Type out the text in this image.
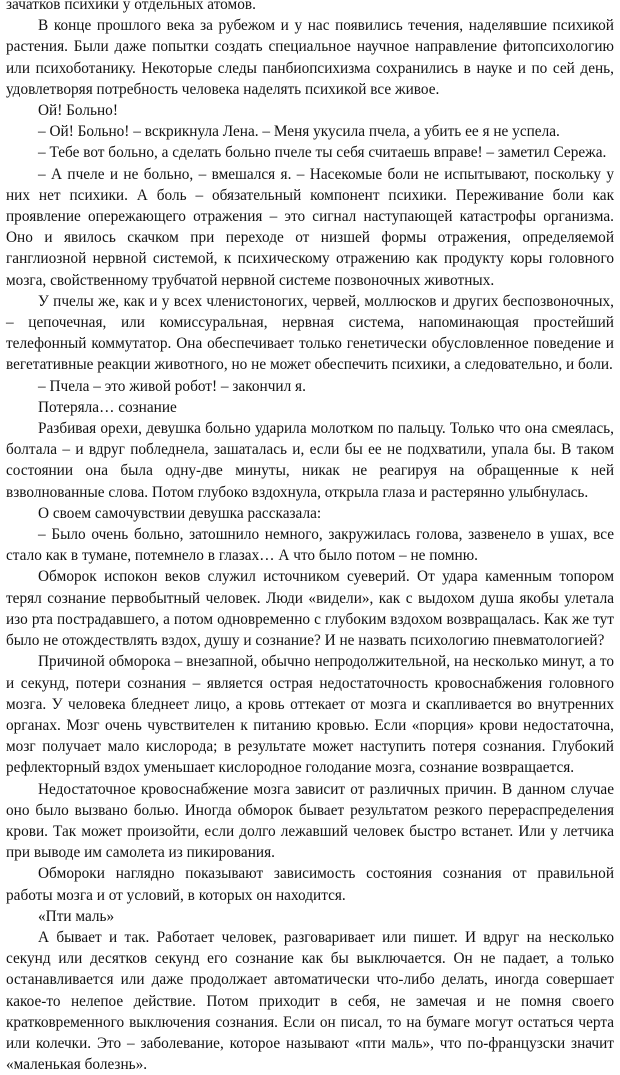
зачатков психики у отдельных атомов.

В конце прошлого века за рубежом и у нас появились течения, наделявшие психикой растения. Были даже попытки создать специальное научное направление фитопсихологию или психоботанику. Некоторые следы панбиопсихизма сохранились в науке и по сей день, удовлетворяя потребность человека наделять психикой все живое.

Ой! Больно!

– Ой! Больно! – вскрикнула Лена. – Меня укусила пчела, а убить ее я не успела.

– Тебе вот больно, а сделать больно пчеле ты себя считаешь вправе! – заметил Сережа.

– А пчеле и не больно, – вмешался я. – Насекомые боли не испытывают, поскольку у них нет психики. А боль – обязательный компонент психики. Переживание боли как проявление опережающего отражения – это сигнал наступающей катастрофы организма. Оно и явилось скачком при переходе от низшей формы отражения, определяемой ганглиозной нервной системой, к психическому отражению как продукту коры головного мозга, свойственному трубчатой нервной системе позвоночных животных.

У пчелы же, как и у всех членистоногих, червей, моллюсков и других беспозвоночных, – цепочечная, или комиссуральная, нервная система, напоминающая простейший телефонный коммутатор. Она обеспечивает только генетически обусловленное поведение и вегетативные реакции животного, но не может обеспечить психики, а следовательно, и боли.

– Пчела – это живой робот! – закончил я.

Потеряла… сознание

Разбивая орехи, девушка больно ударила молотком по пальцу. Только что она смеялась, болтала – и вдруг побледнела, зашаталась и, если бы ее не подхватили, упала бы. В таком состоянии она была одну-две минуты, никак не реагируя на обращенные к ней взволнованные слова. Потом глубоко вздохнула, открыла глаза и растерянно улыбнулась.

О своем самочувствии девушка рассказала:

– Было очень больно, затошнило немного, закружилась голова, зазвенело в ушах, все стало как в тумане, потемнело в глазах… А что было потом – не помню.

Обморок испокон веков служил источником суеверий. От удара каменным топором терял сознание первобытный человек. Люди «видели», как с выдохом душа якобы улетала изо рта пострадавшего, а потом одновременно с глубоким вздохом возвращалась. Как же тут было не отождествлять вздох, душу и сознание? И не назвать психологию пневматологией?

Причиной обморока – внезапной, обычно непродолжительной, на несколько минут, а то и секунд, потери сознания – является острая недостаточность кровоснабжения головного мозга. У человека бледнеет лицо, а кровь оттекает от мозга и скапливается во внутренних органах. Мозг очень чувствителен к питанию кровью. Если «порция» крови недостаточна, мозг получает мало кислорода; в результате может наступить потеря сознания. Глубокий рефлекторный вздох уменьшает кислородное голодание мозга, сознание возвращается.

Недостаточное кровоснабжение мозга зависит от различных причин. В данном случае оно было вызвано болью. Иногда обморок бывает результатом резкого перераспределения крови. Так может произойти, если долго лежавший человек быстро встанет. Или у летчика при выводе им самолета из пикирования.

Обмороки наглядно показывают зависимость состояния сознания от правильной работы мозга и от условий, в которых он находится.

«Пти маль»

А бывает и так. Работает человек, разговаривает или пишет. И вдруг на несколько секунд или десятков секунд его сознание как бы выключается. Он не падает, а только останавливается или даже продолжает автоматически что-либо делать, иногда совершает какое-то нелепое действие. Потом приходит в себя, не замечая и не помня своего кратковременного выключения сознания. Если он писал, то на бумаге могут остаться черта или колечки. Это – заболевание, которое называют «пти маль», что по-французски значит «маленькая болезнь».
